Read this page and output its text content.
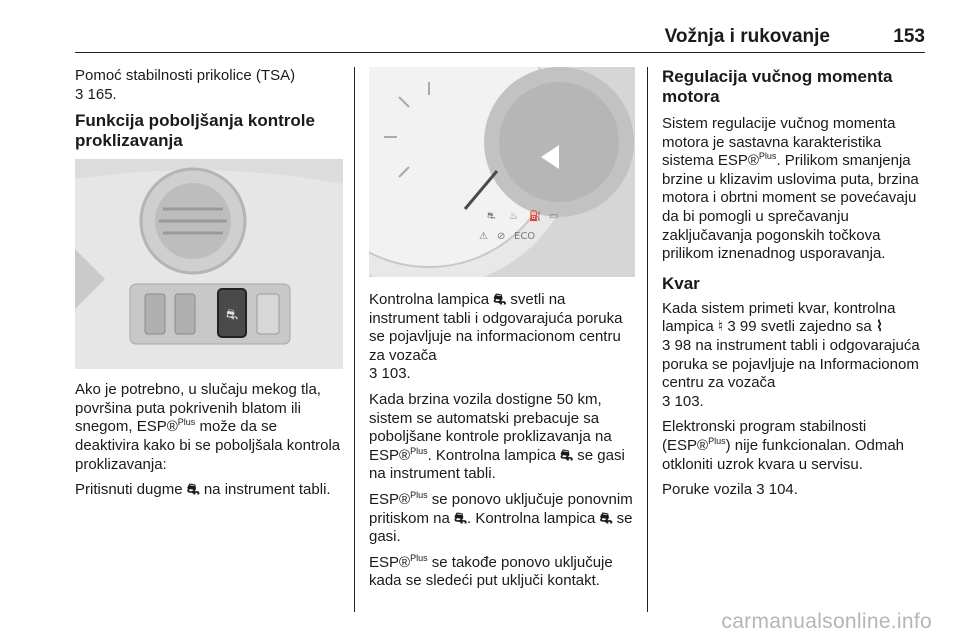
Vožnja i rukovanje	153

Pomoć stabilnosti prikolice (TSA)
3 165.

Funkcija poboljšanja kontrole proklizavanja
⛐

Ako je potrebno, u slučaju mekog tla, površina puta pokrivenih blatom ili snegom, ESP®$^{Plus}$ može da se deaktivira kako bi se poboljšala kontrola proklizavanja:

Pritisnuti dugme ⛐ na instrument tabli.

⛐ ♨ ⛽ ▭
⚠ ⊘ ECO

Kontrolna lampica ⛐ svetli na instrument tabli i odgovarajuća poruka se pojavljuje na informacionom centru za vozača
3 103.

Kada brzina vozila dostigne 50 km, sistem se automatski prebacuje sa poboljšane kontrole proklizavanja na ESP®$^{Plus}$. Kontrolna lampica ⛐ se gasi na instrument tabli.

ESP®$^{Plus}$ se ponovo uključuje ponovnim pritiskom na ⛐. Kontrolna lampica ⛐ se gasi.

ESP®$^{Plus}$ se takođe ponovo uključuje kada se sledeći put uključi kontakt.

Regulacija vučnog momenta motora

Sistem regulacije vučnog momenta motora je sastavna karakteristika sistema ESP®$^{Plus}$. Prilikom smanjenja brzine u klizavim uslovima puta, brzina motora i obrtni moment se povećavaju da bi pomogli u sprečavanju zaključavanja pogonskih točkova prilikom iznenadnog usporavanja.

Kvar

Kada sistem primeti kvar, kontrolna lampica ♮ 3 99 svetli zajedno sa ⌇
3 98 na instrument tabli i odgovarajuća poruka se pojavljuje na Informacionom centru za vozača
3 103.

Elektronski program stabilnosti (ESP®$^{Plus}$) nije funkcionalan. Odmah otkloniti uzrok kvara u servisu.

Poruke vozila 3 104.

carmanualsonline.info
